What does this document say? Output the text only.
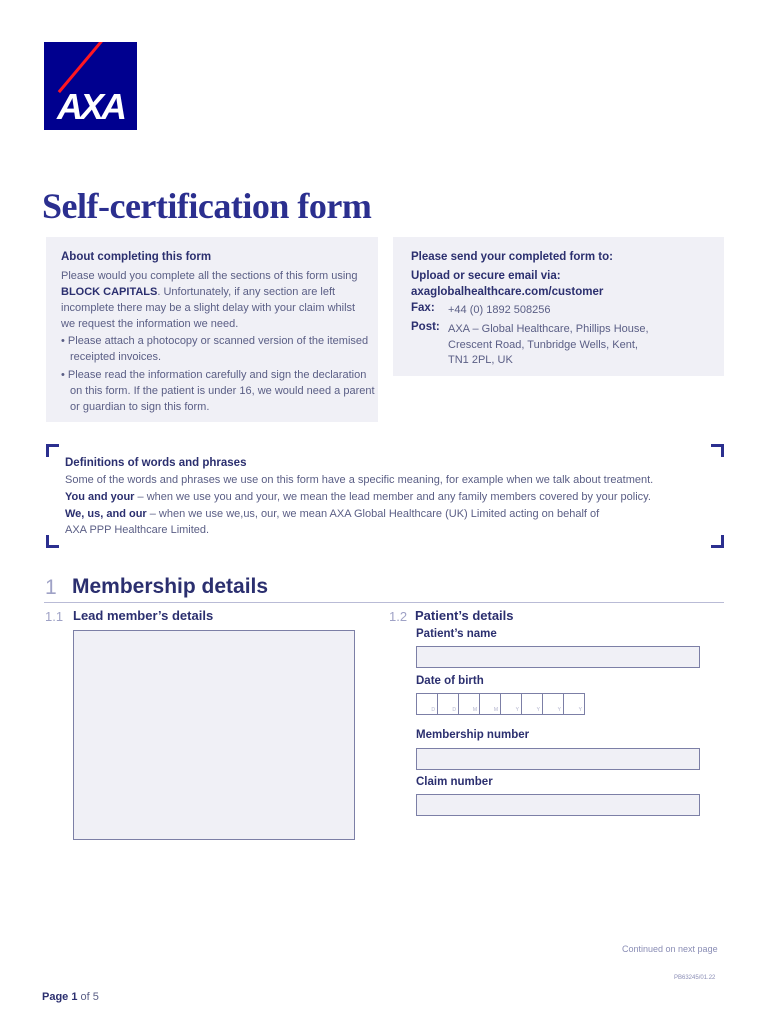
AXA
Self-certification form
About completing this form
Please would you complete all the sections of this form using BLOCK CAPITALS. Unfortunately, if any section are left incomplete there may be a slight delay with your claim whilst we request the information we need.
• Please attach a photocopy or scanned version of the itemised receipted invoices.
• Please read the information carefully and sign the declaration on this form. If the patient is under 16, we would need a parent or guardian to sign this form.
Please send your completed form to:
Upload or secure email via: axaglobalhealthcare.com/customer
Fax: +44 (0) 1892 508256
Post: AXA – Global Healthcare, Phillips House,
Crescent Road, Tunbridge Wells, Kent,
TN1 2PL, UK
Definitions of words and phrases
Some of the words and phrases we use on this form have a specific meaning, for example when we talk about treatment.
You and your – when we use you and your, we mean the lead member and any family members covered by your policy.
We, us, and our – when we use we,us, our, we mean AXA Global Healthcare (UK) Limited acting on behalf of
AXA PPP Healthcare Limited.
1 Membership details
1.1 Lead member’s details	1.2 Patient’s details
Patient’s name
Date of birth
D	D	M	M	Y	Y	Y	Y
Membership number
Claim number
Continued on next page
PB63245/01.22
Page 1 of 5
